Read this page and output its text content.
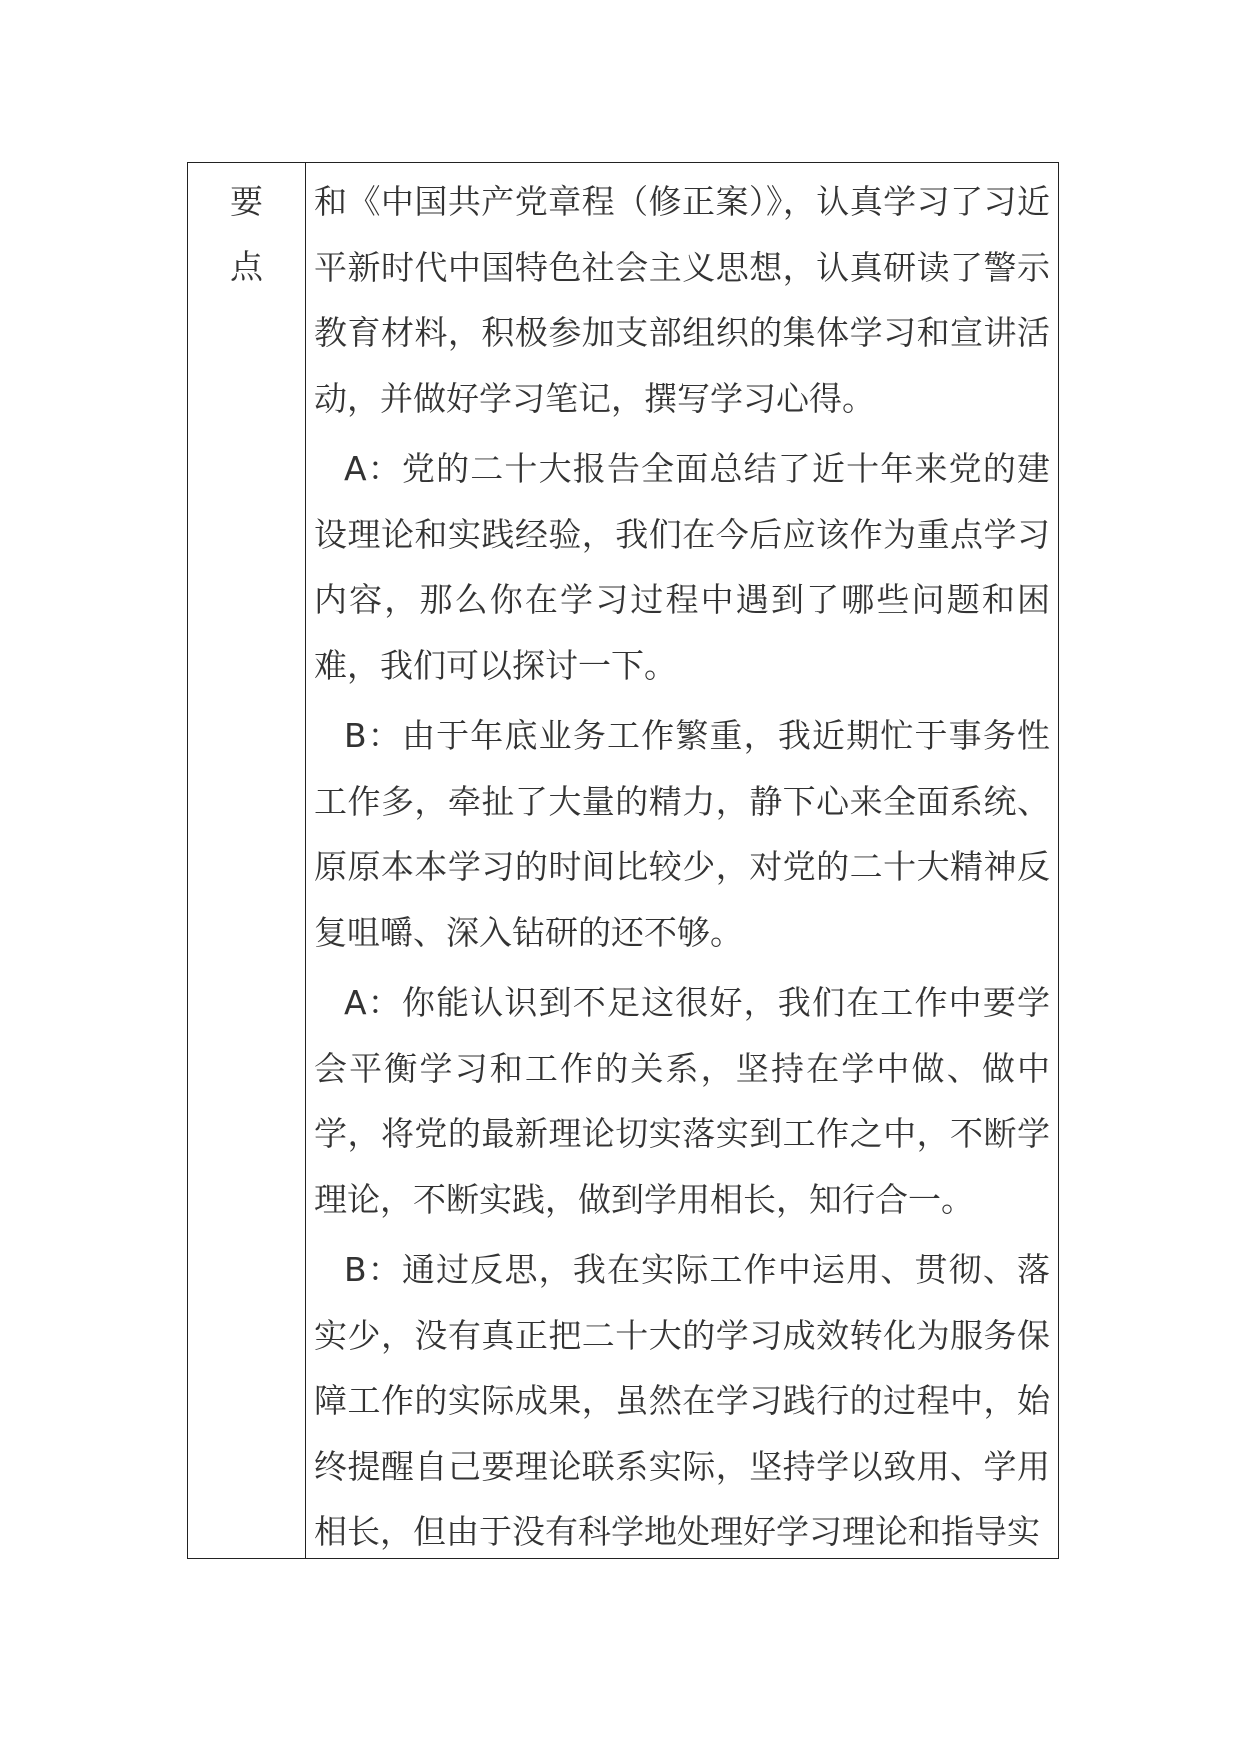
要
点

和《中国共产党章程（修正案）》，认真学习了习近平新时代中国特色社会主义思想，认真研读了警示教育材料，积极参加支部组织的集体学习和宣讲活动，并做好学习笔记，撰写学习心得。

A：党的二十大报告全面总结了近十年来党的建设理论和实践经验，我们在今后应该作为重点学习内容，那么你在学习过程中遇到了哪些问题和困难，我们可以探讨一下。

B：由于年底业务工作繁重，我近期忙于事务性工作多，牵扯了大量的精力，静下心来全面系统、原原本本学习的时间比较少，对党的二十大精神反复咀嚼、深入钻研的还不够。

A：你能认识到不足这很好，我们在工作中要学会平衡学习和工作的关系，坚持在学中做、做中学，将党的最新理论切实落实到工作之中，不断学理论，不断实践，做到学用相长，知行合一。

B：通过反思，我在实际工作中运用、贯彻、落实少，没有真正把二十大的学习成效转化为服务保障工作的实际成果，虽然在学习践行的过程中，始终提醒自己要理论联系实际，坚持学以致用、学用相长，但由于没有科学地处理好学习理论和指导实
